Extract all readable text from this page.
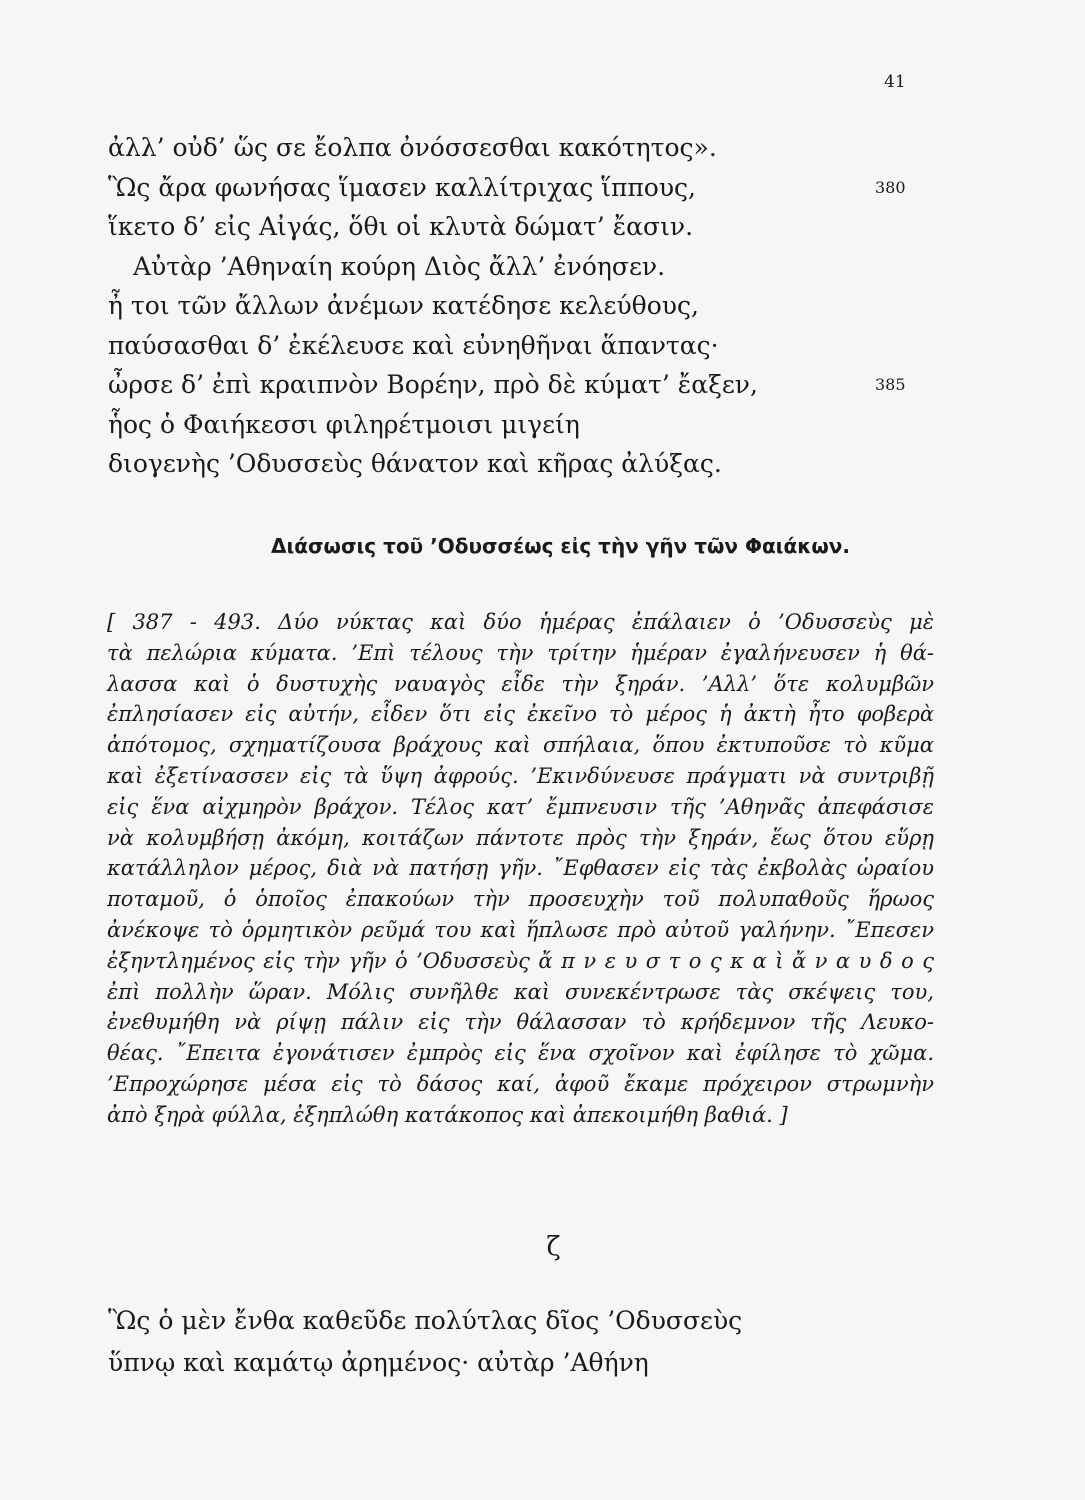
41
ἀλλ’ οὐδ’ ὥς σε ἔολπα ὀνόσσεσθαι κακότητος».
Ὣς ἄρα φωνήσας ἵμασεν καλλίτριχας ἵππους,	380
ἵκετο δ’ εἰς Αἰγάς, ὅθι οἱ κλυτὰ δώματ’ ἔασιν.
Αὐτὰρ ’Αθηναίη κούρη Διὸς ἄλλ’ ἐνόησεν.
ἦ τοι τῶν ἄλλων ἀνέμων κατέδησε κελεύθους,
παύσασθαι δ’ ἐκέλευσε καὶ εὐνηθῆναι ἅπαντας·
ὦρσε δ’ ἐπὶ κραιπνὸν Βορέην, πρὸ δὲ κύματ’ ἔαξεν,	385
ἧος ὁ Φαιήκεσσι φιληρέτμοισι μιγείη
διογενὴς ’Οδυσσεὺς θάνατον καὶ κῆρας ἀλύξας.
Διάσωσις τοῦ ’Οδυσσέως εἰς τὴν γῆν τῶν Φαιάκων.
[ 387 - 493. Δύο νύκτας καὶ δύο ἡμέρας ἐπάλαιεν ὁ ’Οδυσσεὺς μὲ
τὰ πελώρια κύματα. ’Επὶ τέλους τὴν τρίτην ἡμέραν ἐγαλήνευσεν ἡ θά-
λασσα καὶ ὁ δυστυχὴς ναυαγὸς εἶδε τὴν ξηράν. ’Αλλ’ ὅτε κολυμβῶν
ἐπλησίασεν εἰς αὐτήν, εἶδεν ὅτι εἰς ἐκεῖνο τὸ μέρος ἡ ἀκτὴ ἦτο φοβερὰ
ἀπότομος, σχηματίζουσα βράχους καὶ σπήλαια, ὅπου ἐκτυποῦσε τὸ κῦμα
καὶ ἐξετίνασσεν εἰς τὰ ὕψη ἀφρούς. ’Εκινδύνευσε πράγματι νὰ συντριβῇ
εἰς ἕνα αἰχμηρὸν βράχον. Τέλος κατ’ ἔμπνευσιν τῆς ’Αθηνᾶς ἀπεφάσισε
νὰ κολυμβήσῃ ἀκόμη, κοιτάζων πάντοτε πρὸς τὴν ξηράν, ἕως ὅτου εὕρῃ
κατάλληλον μέρος, διὰ νὰ πατήσῃ γῆν. ῎Εφθασεν εἰς τὰς ἐκβολὰς ὡραίου
ποταμοῦ, ὁ ὁποῖος ἐπακούων τὴν προσευχὴν τοῦ πολυπαθοῦς ἥρωος
ἀνέκοψε τὸ ὁρμητικὸν ρεῦμά του καὶ ἥπλωσε πρὸ αὐτοῦ γαλήνην. ῎Επεσεν
ἐξηντλημένος εἰς τὴν γῆν ὁ ’Οδυσσεὺς ἄ π ν ε υ σ τ ο ς κ α ὶ ἄ ν α υ δ ο ς
ἐπὶ πολλὴν ὥραν. Μόλις συνῆλθε καὶ συνεκέντρωσε τὰς σκέψεις του,
ἐνεθυμήθη νὰ ρίψῃ πάλιν εἰς τὴν θάλασσαν τὸ κρήδεμνον τῆς Λευκο-
θέας. ῎Επειτα ἐγονάτισεν ἐμπρὸς εἰς ἕνα σχοῖνον καὶ ἐφίλησε τὸ χῶμα.
’Επροχώρησε μέσα εἰς τὸ δάσος καί, ἀφοῦ ἔκαμε πρόχειρον στρωμνὴν
ἀπὸ ξηρὰ φύλλα, ἐξηπλώθη κατάκοπος καὶ ἀπεκοιμήθη βαθιά. ]
ζ
Ὣς ὁ μὲν ἔνθα καθεῦδε πολύτλας δῖος ’Οδυσσεὺς
ὕπνῳ καὶ καμάτῳ ἀρημένος· αὐτὰρ ’Αθήνη
